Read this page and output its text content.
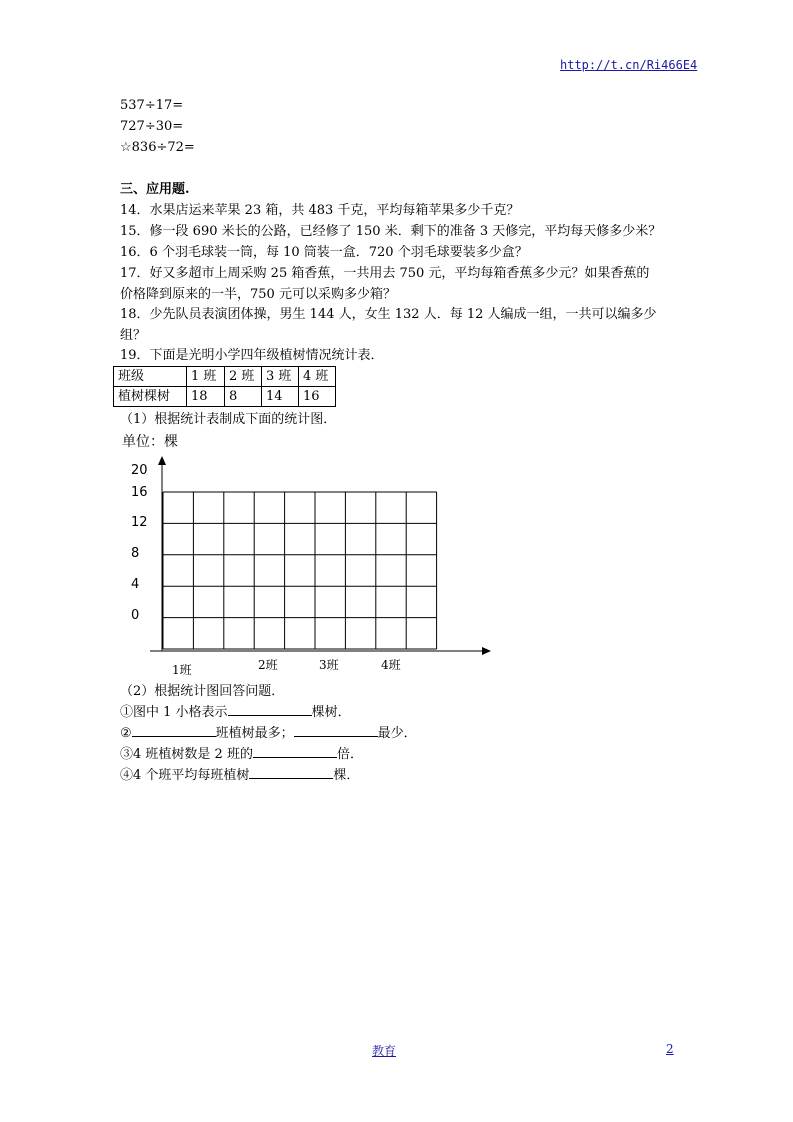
http://t.cn/Ri466E4
537÷17=
727÷30=
☆836÷72=
三、应用题.
14．水果店运来苹果 23 箱，共 483 千克，平均每箱苹果多少千克？
15．修一段 690 米长的公路，已经修了 150 米．剩下的准备 3 天修完，平均每天修多少米？
16．6 个羽毛球装一筒，每 10 筒装一盒．720 个羽毛球要装多少盒？
17．好又多超市上周采购 25 箱香蕉，一共用去 750 元，平均每箱香蕉多少元？如果香蕉的
价格降到原来的一半，750 元可以采购多少箱？
18．少先队员表演团体操，男生 144 人，女生 132 人．每 12 人编成一组，一共可以编多少
组？
19．下面是光明小学四年级植树情况统计表．
班级	1 班	2 班	3 班	4 班
植树棵树	18	8	14	16
（1）根据统计表制成下面的统计图．
单位：棵
20
16
12
8
4
0
1班	2班	3班	4班
（2）根据统计图回答问题．
①图中 1 小格表示	棵树．
②	班植树最多；	最少．
③4 班植树数是 2 班的	倍．
④4 个班平均每班植树	棵．
教育	2
